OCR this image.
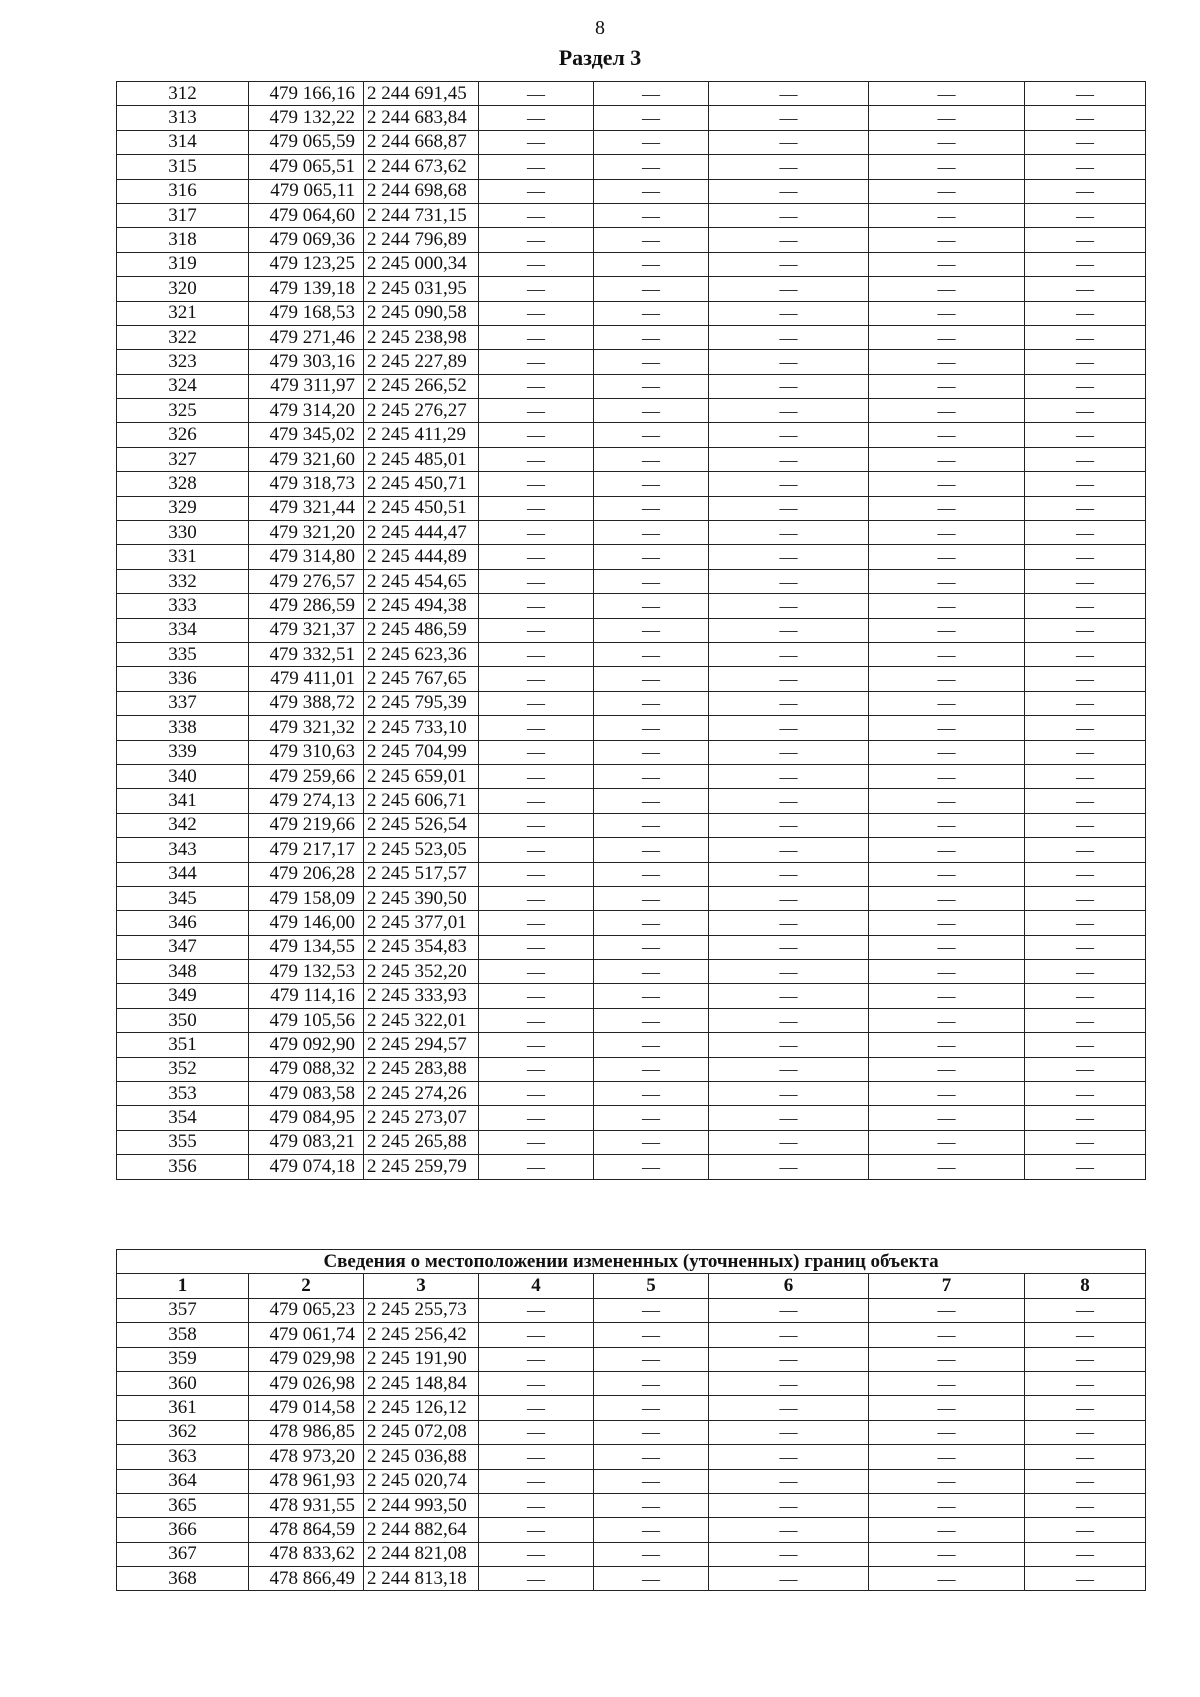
8
Раздел 3
312	479 166,16	2 244 691,45	—	—	—	—	—
313	479 132,22	2 244 683,84	—	—	—	—	—
314	479 065,59	2 244 668,87	—	—	—	—	—
315	479 065,51	2 244 673,62	—	—	—	—	—
316	479 065,11	2 244 698,68	—	—	—	—	—
317	479 064,60	2 244 731,15	—	—	—	—	—
318	479 069,36	2 244 796,89	—	—	—	—	—
319	479 123,25	2 245 000,34	—	—	—	—	—
320	479 139,18	2 245 031,95	—	—	—	—	—
321	479 168,53	2 245 090,58	—	—	—	—	—
322	479 271,46	2 245 238,98	—	—	—	—	—
323	479 303,16	2 245 227,89	—	—	—	—	—
324	479 311,97	2 245 266,52	—	—	—	—	—
325	479 314,20	2 245 276,27	—	—	—	—	—
326	479 345,02	2 245 411,29	—	—	—	—	—
327	479 321,60	2 245 485,01	—	—	—	—	—
328	479 318,73	2 245 450,71	—	—	—	—	—
329	479 321,44	2 245 450,51	—	—	—	—	—
330	479 321,20	2 245 444,47	—	—	—	—	—
331	479 314,80	2 245 444,89	—	—	—	—	—
332	479 276,57	2 245 454,65	—	—	—	—	—
333	479 286,59	2 245 494,38	—	—	—	—	—
334	479 321,37	2 245 486,59	—	—	—	—	—
335	479 332,51	2 245 623,36	—	—	—	—	—
336	479 411,01	2 245 767,65	—	—	—	—	—
337	479 388,72	2 245 795,39	—	—	—	—	—
338	479 321,32	2 245 733,10	—	—	—	—	—
339	479 310,63	2 245 704,99	—	—	—	—	—
340	479 259,66	2 245 659,01	—	—	—	—	—
341	479 274,13	2 245 606,71	—	—	—	—	—
342	479 219,66	2 245 526,54	—	—	—	—	—
343	479 217,17	2 245 523,05	—	—	—	—	—
344	479 206,28	2 245 517,57	—	—	—	—	—
345	479 158,09	2 245 390,50	—	—	—	—	—
346	479 146,00	2 245 377,01	—	—	—	—	—
347	479 134,55	2 245 354,83	—	—	—	—	—
348	479 132,53	2 245 352,20	—	—	—	—	—
349	479 114,16	2 245 333,93	—	—	—	—	—
350	479 105,56	2 245 322,01	—	—	—	—	—
351	479 092,90	2 245 294,57	—	—	—	—	—
352	479 088,32	2 245 283,88	—	—	—	—	—
353	479 083,58	2 245 274,26	—	—	—	—	—
354	479 084,95	2 245 273,07	—	—	—	—	—
355	479 083,21	2 245 265,88	—	—	—	—	—
356	479 074,18	2 245 259,79	—	—	—	—	—
Сведения о местоположении измененных (уточненных) границ объекта							
1	2	3	4	5	6	7	8
357	479 065,23	2 245 255,73	—	—	—	—	—
358	479 061,74	2 245 256,42	—	—	—	—	—
359	479 029,98	2 245 191,90	—	—	—	—	—
360	479 026,98	2 245 148,84	—	—	—	—	—
361	479 014,58	2 245 126,12	—	—	—	—	—
362	478 986,85	2 245 072,08	—	—	—	—	—
363	478 973,20	2 245 036,88	—	—	—	—	—
364	478 961,93	2 245 020,74	—	—	—	—	—
365	478 931,55	2 244 993,50	—	—	—	—	—
366	478 864,59	2 244 882,64	—	—	—	—	—
367	478 833,62	2 244 821,08	—	—	—	—	—
368	478 866,49	2 244 813,18	—	—	—	—	—
